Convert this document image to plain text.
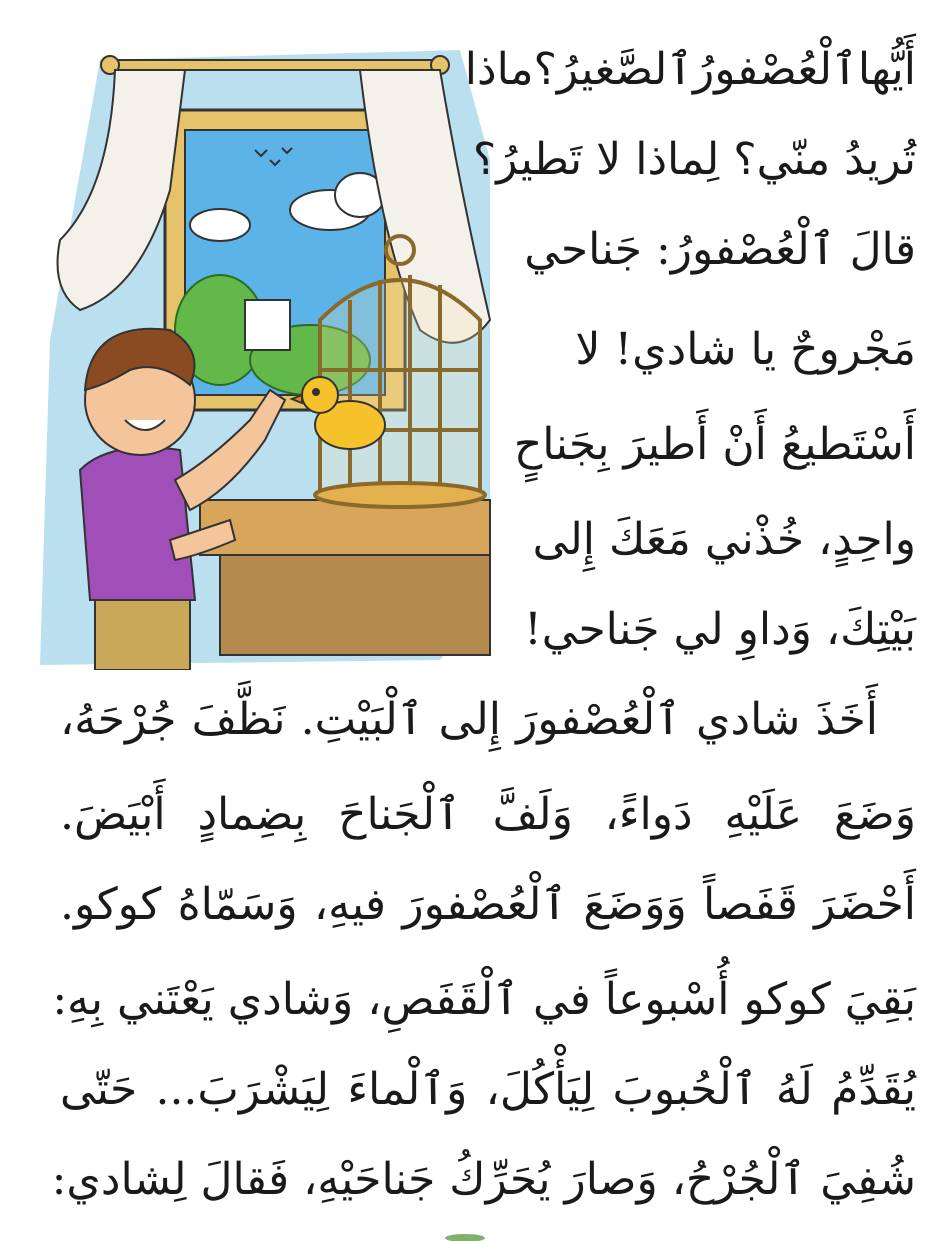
أَيُّهاٱلْعُصْفورُٱلصَّغيرُ؟ماذا
تُريدُ منّي؟ لِماذا لا تَطيرُ؟
قالَ ٱلْعُصْفورُ: جَناحي
مَجْروحٌ يا شادي! لا
أَسْتَطيعُ أَنْ أَطيرَ بِجَناحٍ
واحِدٍ، خُذْني مَعَكَ إِلى
بَيْتِكَ، وَداوِ لي جَناحي!
أَخَذَ شادي ٱلْعُصْفورَ إِلى ٱلْبَيْتِ. نَظَّفَ جُرْحَهُ،
وَضَعَ عَلَيْهِ دَواءً، وَلَفَّ ٱلْجَناحَ بِضِمادٍ أَبْيَضَ.
أَحْضَرَ قَفَصاً وَوَضَعَ ٱلْعُصْفورَ فيهِ، وَسَمّاهُ كوكو.
بَقِيَ كوكو أُسْبوعاً في ٱلْقَفَصِ، وَشادي يَعْتَني بِهِ:
يُقَدِّمُ لَهُ ٱلْحُبوبَ لِيَأْكُلَ، وَٱلْماءَ لِيَشْرَبَ... حَتّى
شُفِيَ ٱلْجُرْحُ، وَصارَ يُحَرِّكُ جَناحَيْهِ، فَقالَ لِشادي:
